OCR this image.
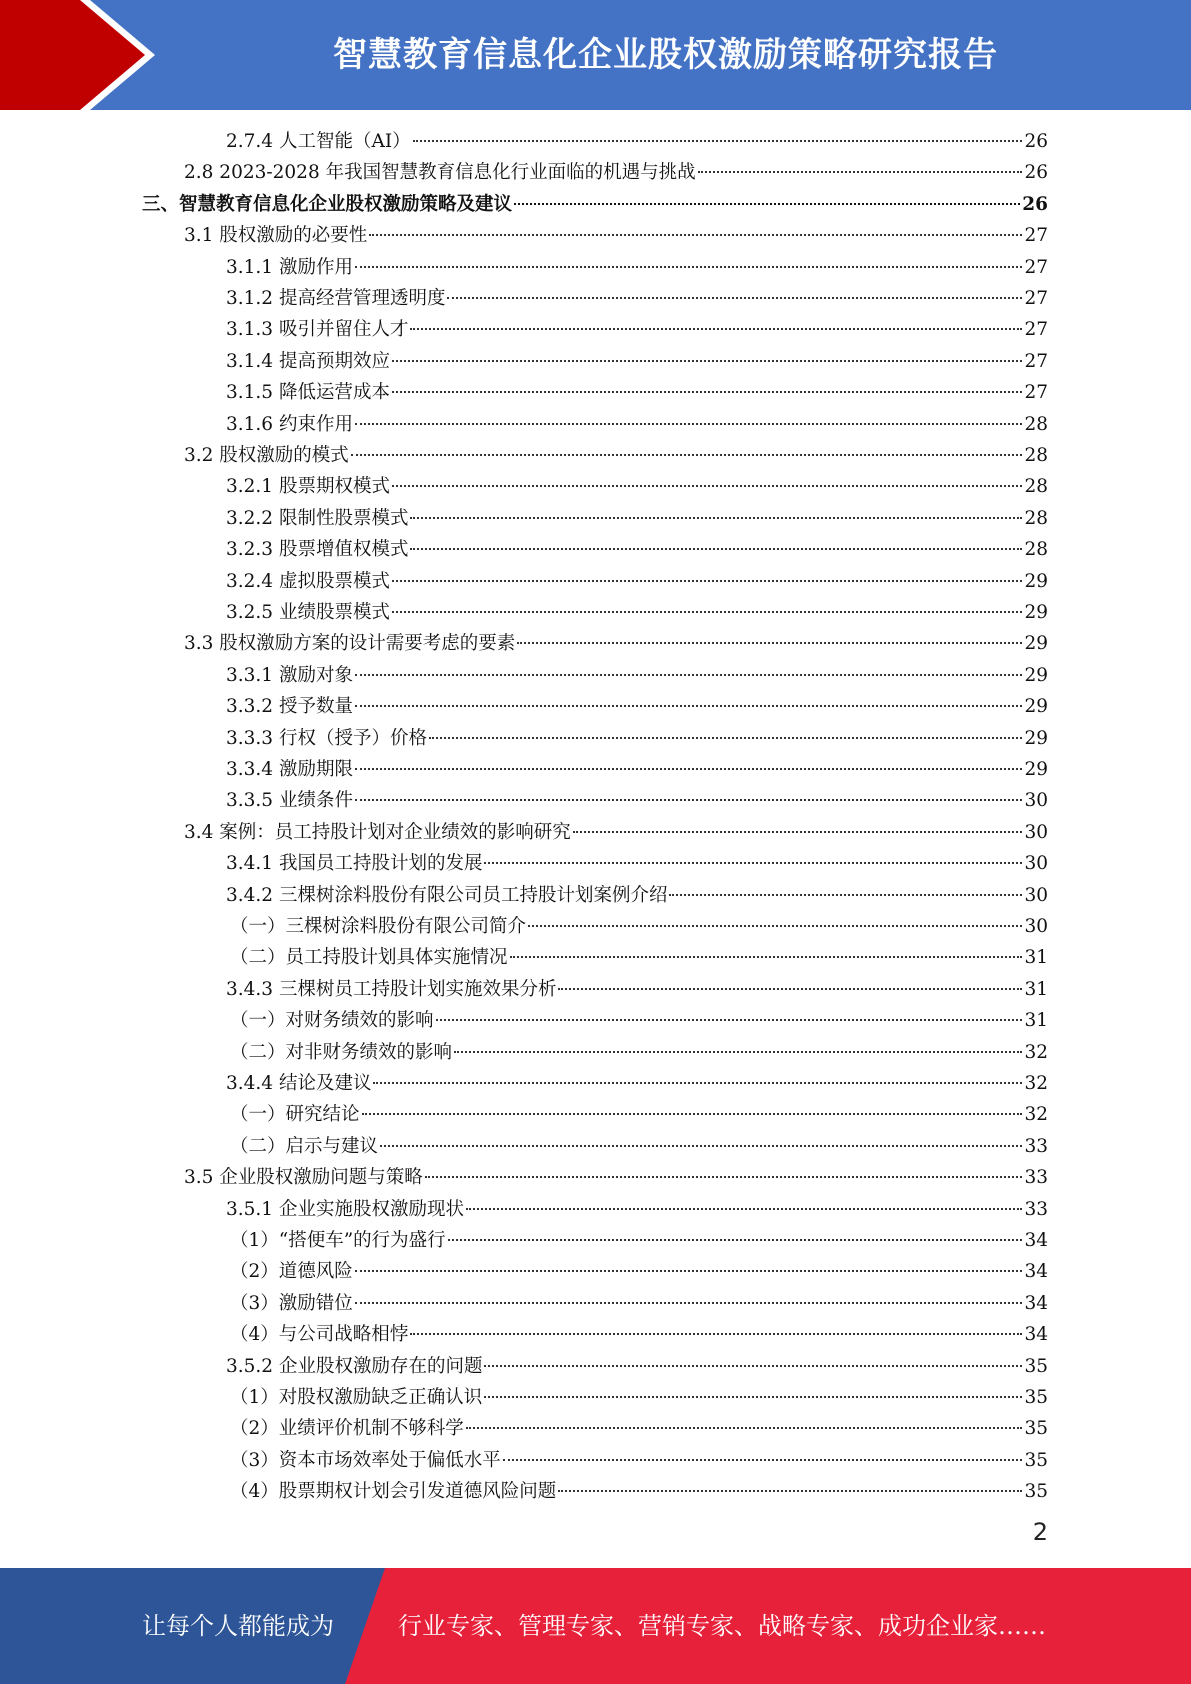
智慧教育信息化企业股权激励策略研究报告
2.7.4 人工智能（AI）	26
2.8 2023-2028 年我国智慧教育信息化行业面临的机遇与挑战	26
三、智慧教育信息化企业股权激励策略及建议	26
3.1 股权激励的必要性	27
3.1.1 激励作用	27
3.1.2 提高经营管理透明度	27
3.1.3 吸引并留住人才	27
3.1.4 提高预期效应	27
3.1.5 降低运营成本	27
3.1.6 约束作用	28
3.2 股权激励的模式	28
3.2.1 股票期权模式	28
3.2.2 限制性股票模式	28
3.2.3 股票增值权模式	28
3.2.4 虚拟股票模式	29
3.2.5 业绩股票模式	29
3.3 股权激励方案的设计需要考虑的要素	29
3.3.1 激励对象	29
3.3.2 授予数量	29
3.3.3 行权（授予）价格	29
3.3.4 激励期限	29
3.3.5 业绩条件	30
3.4 案例：员工持股计划对企业绩效的影响研究	30
3.4.1 我国员工持股计划的发展	30
3.4.2 三棵树涂料股份有限公司员工持股计划案例介绍	30
（一）三棵树涂料股份有限公司简介	30
（二）员工持股计划具体实施情况	31
3.4.3 三棵树员工持股计划实施效果分析	31
（一）对财务绩效的影响	31
（二）对非财务绩效的影响	32
3.4.4 结论及建议	32
（一）研究结论	32
（二）启示与建议	33
3.5 企业股权激励问题与策略	33
3.5.1 企业实施股权激励现状	33
（1）“搭便车”的行为盛行	34
（2）道德风险	34
（3）激励错位	34
（4）与公司战略相悖	34
3.5.2 企业股权激励存在的问题	35
（1）对股权激励缺乏正确认识	35
（2）业绩评价机制不够科学	35
（3）资本市场效率处于偏低水平	35
（4）股票期权计划会引发道德风险问题	35
2
让每个人都能成为	行业专家、管理专家、营销专家、战略专家、成功企业家……
